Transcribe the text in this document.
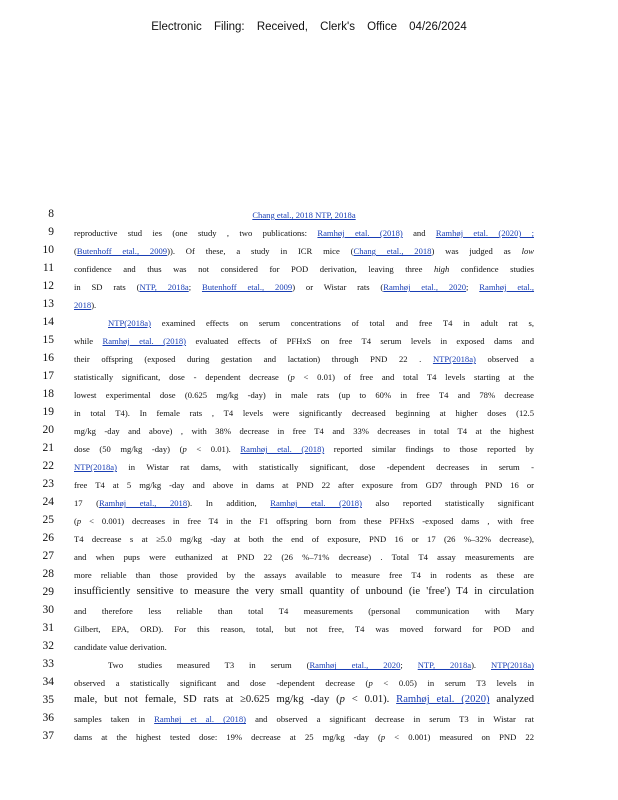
Electronic Filing: Received, Clerk's Office 04/26/2024
8	Chang etal., 2018 NTP, 2018a
9 reproductive stud ies (one study , two publications: Ramhøj etal. (2018) and Ramhøj etal. (2020) ;
10 (Butenhoff etal., 2009)). Of these, a study in ICR mice (Chang etal., 2018) was judged as low
11 confidence and thus was not considered for POD derivation, leaving three high confidence studies
12 in SD rats (NTP, 2018a; Butenhoff etal., 2009) or Wistar rats (Ramhøj etal., 2020; Ramhøj etal.,
13 2018).
14	NTP(2018a) examined effects on serum concentrations of total and free T4 in adult rat s,
15 while Ramhøj etal. (2018) evaluated effects of PFHxS on free T4 serum levels in exposed dams and
16 their offspring (exposed during gestation and lactation) through PND 22 . NTP(2018a) observed a
17 statistically significant, dose - dependent decrease (p < 0.01) of free and total T4 levels starting at the
18 lowest experimental dose (0.625 mg/kg -day) in male rats (up to 60% in free T4 and 78% decrease
19 in total T4). In female rats , T4 levels were significantly decreased beginning at higher doses (12.5
20 mg/kg -day and above) , with 38% decrease in free T4 and 33% decreases in total T4 at the highest
21 dose (50 mg/kg -day) (p < 0.01). Ramhøj etal. (2018) reported similar findings to those reported by
22 NTP(2018a) in Wistar rat dams, with statistically significant, dose -dependent decreases in serum -
23 free T4 at 5 mg/kg -day and above in dams at PND 22 after exposure from GD7 through PND 16 or
24 17 (Ramhøj etal., 2018). In addition, Ramhøj etal. (2018) also reported statistically significant
25 (p < 0.001) decreases in free T4 in the F1 offspring born from these PFHxS -exposed dams , with free
26 T4 decrease s at ≥5.0 mg/kg -day at both the end of exposure, PND 16 or 17 (26 %–32% decrease),
27 and when pups were euthanized at PND 22 (26 %–71% decrease) . Total T4 assay measurements are
28 more reliable than those provided by the assays available to measure free T4 in rodents as these are
29 insufficiently sensitive to measure the very small quantity of unbound (ie 'free') T4 in circulation
30 and therefore less reliable than total T4 measurements (personal communication with Mary
31 Gilbert, EPA, ORD). For this reason, total, but not free, T4 was moved forward for POD and
32 candidate value derivation.
33	Two studies measured T3 in serum (Ramhøj etal., 2020; NTP, 2018a). NTP(2018a)
34 observed a statistically significant and dose -dependent decrease (p < 0.05) in serum T3 levels in
35 male, but not female, SD rats at ≥0.625 mg/kg -day (p < 0.01). Ramhøj etal. (2020) analyzed
36 samples taken in Ramhøj et al. (2018) and observed a significant decrease in serum T3 in Wistar rat
37 dams at the highest tested dose: 19% decrease at 25 mg/kg -day (p < 0.001) measured on PND 22
